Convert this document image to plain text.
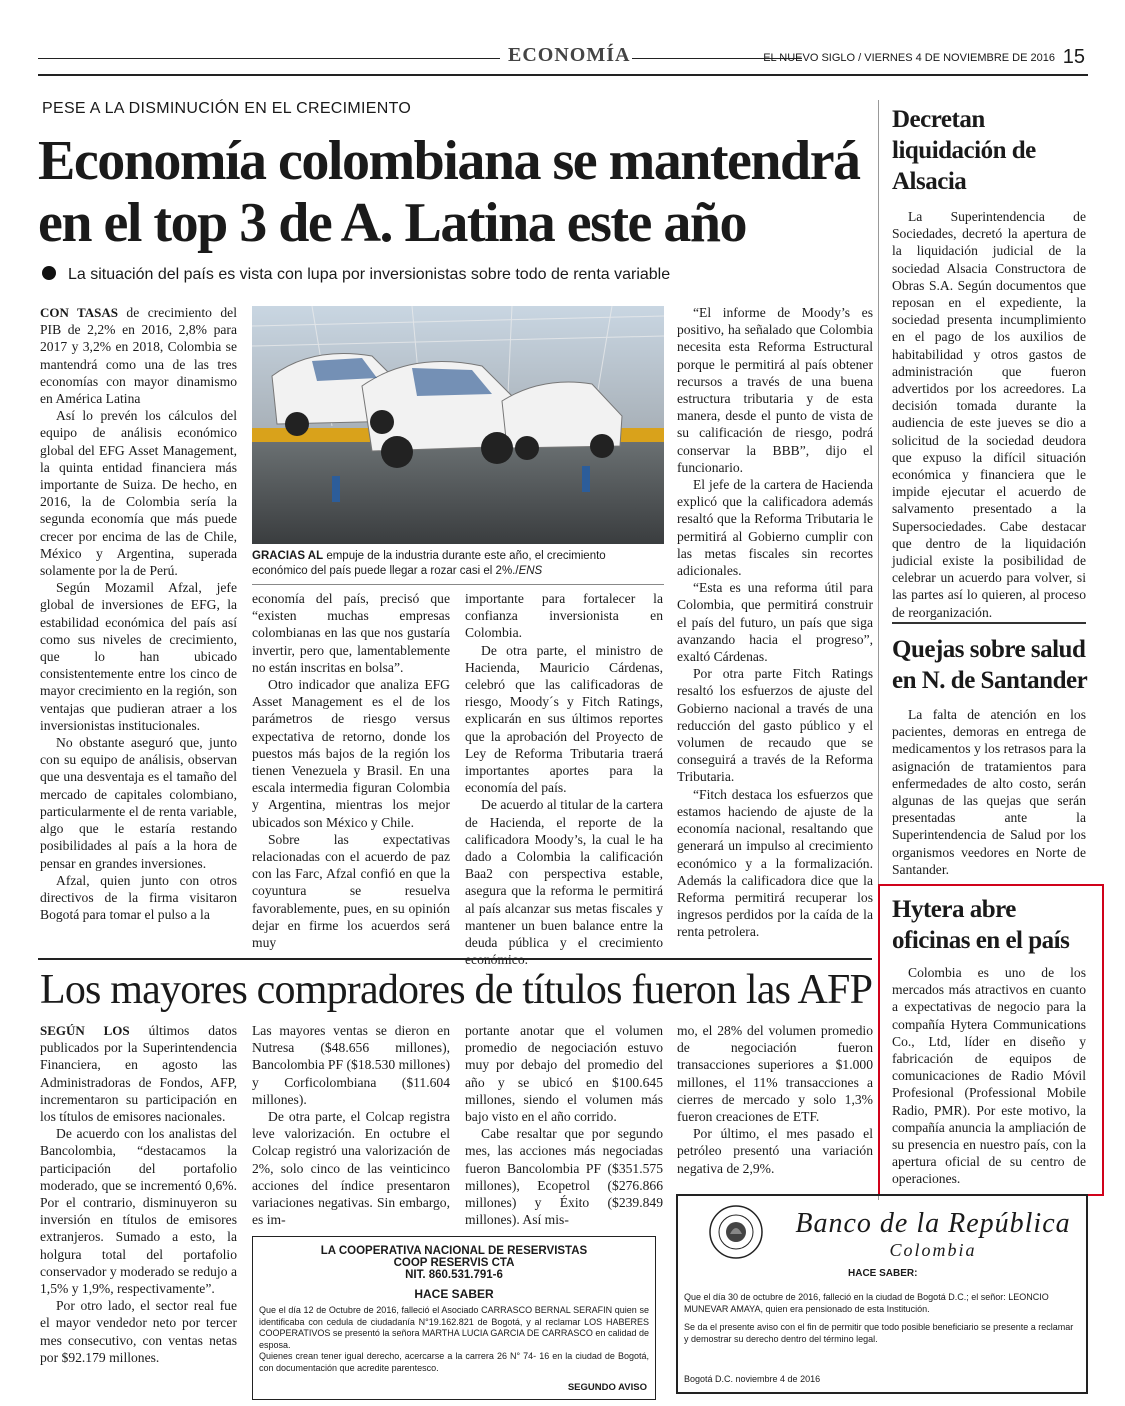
ECONOMÍA	EL NUEVO SIGLO / VIERNES 4 DE NOVIEMBRE DE 2016 15
PESE A LA DISMINUCIÓN EN EL CRECIMIENTO
Economía colombiana se mantendrá en el top 3 de A. Latina este año
La situación del país es vista con lupa por inversionistas sobre todo de renta variable

CON TASAS de crecimiento del PIB de 2,2% en 2016, 2,8% para 2017 y 3,2% en 2018, Colombia se mantendrá como una de las tres economías con mayor dinamismo en América Latina

Así lo prevén los cálculos del equipo de análisis económico global del EFG Asset Management, la quinta entidad financiera más importante de Suiza. De hecho, en 2016, la de Colombia sería la segunda economía que más puede crecer por encima de las de Chile, México y Argentina, superada solamente por la de Perú.

Según Mozamil Afzal, jefe global de inversiones de EFG, la estabilidad económica del país así como sus niveles de crecimiento, que lo han ubicado consistentemente entre los cinco de mayor crecimiento en la región, son ventajas que pudieran atraer a los inversionistas institucionales.

No obstante aseguró que, junto con su equipo de análisis, observan que una desventaja es el tamaño del mercado de capitales colombiano, particularmente el de renta variable, algo que le estaría restando posibilidades al país a la hora de pensar en grandes inversiones.

Afzal, quien junto con otros directivos de la firma visitaron Bogotá para tomar el pulso a la

GRACIAS AL empuje de la industria durante este año, el crecimiento económico del país puede llegar a rozar casi el 2%./ENS

economía del país, precisó que “existen muchas empresas colombianas en las que nos gustaría invertir, pero que, lamentablemente no están inscritas en bolsa”.

Otro indicador que analiza EFG Asset Management es el de los parámetros de riesgo versus expectativa de retorno, donde los puestos más bajos de la región los tienen Venezuela y Brasil. En una escala intermedia figuran Colombia y Argentina, mientras los mejor ubicados son México y Chile.

Sobre las expectativas relacionadas con el acuerdo de paz con las Farc, Afzal confió en que la coyuntura se resuelva favorablemente, pues, en su opinión dejar en firme los acuerdos será muy

importante para fortalecer la confianza inversionista en Colombia.

De otra parte, el ministro de Hacienda, Mauricio Cárdenas, celebró que las calificadoras de riesgo, Moody´s y Fitch Ratings, explicarán en sus últimos reportes que la aprobación del Proyecto de Ley de Reforma Tributaria traerá importantes aportes para la economía del país.

De acuerdo al titular de la cartera de Hacienda, el reporte de la calificadora Moody’s, la cual le ha dado a Colombia la calificación Baa2 con perspectiva estable, asegura que la reforma le permitirá al país alcanzar sus metas fiscales y mantener un buen balance entre la deuda pública y el crecimiento

“El informe de Moody’s es positivo, ha señalado que Colombia necesita esta Reforma Estructural porque le permitirá al país obtener recursos a través de una buena estructura tributaria y de esta manera, desde el punto de vista de su calificación de riesgo, podrá conservar la BBB”, dijo el funcionario.

El jefe de la cartera de Hacienda explicó que la calificadora además resaltó que la Reforma Tributaria le permitirá al Gobierno cumplir con las metas fiscales sin recortes adicionales.

“Esta es una reforma útil para Colombia, que permitirá construir el país del futuro, un país que siga avanzando hacia el progreso”, exaltó Cárdenas.

Por otra parte Fitch Ratings resaltó los esfuerzos de ajuste del Gobierno nacional a través de una reducción del gasto público y el volumen de recaudo que se conseguirá a través de la Reforma Tributaria.

“Fitch destaca los esfuerzos que estamos haciendo de ajuste de la economía nacional, resaltando que generará un impulso al crecimiento económico y a la formalización. Además la calificadora dice que la Reforma permitirá recuperar los ingresos perdidos por la caída de la renta petrolera.

Decretan liquidación de Alsacia

La Superintendencia de Sociedades, decretó la apertura de la liquidación judicial de la sociedad Alsacia Constructora de Obras S.A. Según documentos que reposan en el expediente, la sociedad presenta incumplimiento en el pago de los auxilios de habitabilidad y otros gastos de administración que fueron advertidos por los acreedores. La decisión tomada durante la audiencia de este jueves se dio a solicitud de la sociedad deudora que expuso la difícil situación económica y financiera que le impide ejecutar el acuerdo de salvamento presentado a la Supersociedades. Cabe destacar que dentro de la liquidación judicial existe la posibilidad de celebrar un acuerdo para volver, si las partes así lo quieren, al proceso de reorganización.

Quejas sobre salud en N. de Santander

La falta de atención en los pacientes, demoras en entrega de medicamentos y los retrasos para la asignación de tratamientos para enfermedades de alto costo, serán algunas de las quejas que serán presentadas ante la Superintendencia de Salud por los organismos veedores en Norte de Santander.

Hytera abre oficinas en el país

Colombia es uno de los mercados más atractivos en cuanto a expectativas de negocio para la compañía Hytera Communications Co., Ltd, líder en diseño y fabricación de equipos de comunicaciones de Radio Móvil Profesional (Professional Mobile Radio, PMR). Por este motivo, la compañía anuncia la ampliación de su presencia en nuestro país, con la apertura oficial de su centro de operaciones.

Los mayores compradores de títulos fueron las AFP

SEGÚN LOS últimos datos publicados por la Superintendencia Financiera, en agosto las Administradoras de Fondos, AFP, incrementaron su participación en los títulos de emisores nacionales.

De acuerdo con los analistas del Bancolombia, “destacamos la participación del portafolio moderado, que se incrementó 0,6%. Por el contrario, disminuyeron su inversión en títulos de emisores extranjeros. Sumado a esto, la holgura total del portafolio conservador y moderado se redujo a 1,5% y 1,9%, respectivamente”.

Por otro lado, el sector real fue el mayor vendedor neto por tercer mes consecutivo, con ventas netas por $92.179 millones.

Las mayores ventas se dieron en Nutresa ($48.656 millones), Bancolombia PF ($18.530 millones) y Corficolombiana ($11.604 millones).

De otra parte, el Colcap registra leve valorización. En octubre el Colcap registró una valorización de 2%, solo cinco de las veinticinco acciones del índice presentaron variaciones negativas. Sin embargo, es im-

portante anotar que el volumen promedio de negociación estuvo muy por debajo del promedio del año y se ubicó en $100.645 millones, siendo el volumen más bajo visto en el año corrido.

Cabe resaltar que por segundo mes, las acciones más negociadas fueron Bancolombia PF ($351.575 millones), Ecopetrol ($276.866 millones) y Éxito ($239.849 millones). Así mis-

mo, el 28% del volumen promedio de negociación fueron transacciones superiores a $1.000 millones, el 11% transacciones a cierres de mercado y solo 1,3% fueron creaciones de ETF.

Por último, el mes pasado el petróleo presentó una variación negativa de 2,9%.

LA COOPERATIVA NACIONAL DE RESERVISTAS
COOP RESERVIS CTA
NIT. 860.531.791-6
HACE SABER
Que el día 12 de Octubre de 2016, falleció el Asociado CARRASCO BERNAL SERAFIN quien se identificaba con cedula de ciudadanía N°19.162.821 de Bogotá, y al reclamar LOS HABERES COOPERATIVOS se presentó la señora MARTHA LUCIA GARCIA DE CARRASCO en calidad de esposa.
Quienes crean tener igual derecho, acercarse a la carrera 26 N° 74- 16 en la ciudad de Bogotá, con documentación que acredite parentesco.
SEGUNDO AVISO
Banco de la República
Colombia
HACE SABER:
Que el día 30 de octubre de 2016, falleció en la ciudad de Bogotá D.C.; el señor: LEONCIO MUNEVAR AMAYA, quien era pensionado de esta Institución.
Se da el presente aviso con el fin de permitir que todo posible beneficiario se presente a reclamar y demostrar su derecho dentro del término legal.
Bogotá D.C. noviembre 4 de 2016
